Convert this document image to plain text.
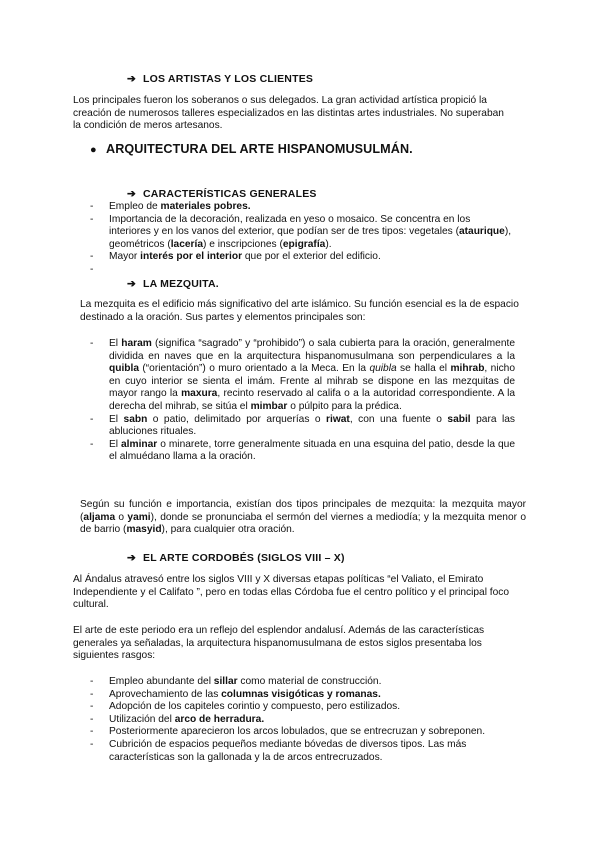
➔ LOS ARTISTAS Y LOS CLIENTES
Los principales fueron los soberanos o sus delegados. La gran actividad artística propició la creación de numerosos talleres especializados en las distintas artes industriales. No superaban la condición de meros artesanos.
● ARQUITECTURA DEL ARTE HISPANOMUSULMÁN.
➔ CARACTERÍSTICAS GENERALES
- Empleo de materiales pobres.
- Importancia de la decoración, realizada en yeso o mosaico. Se concentra en los interiores y en los vanos del exterior, que podían ser de tres tipos: vegetales (ataurique), geométricos (lacería) e inscripciones (epigrafía).
- Mayor interés por el interior que por el exterior del edificio.
-

➔ LA MEZQUITA.
La mezquita es el edificio más significativo del arte islámico. Su función esencial es la de espacio destinado a la oración. Sus partes y elementos principales son:
- El haram (significa “sagrado” y “prohibido”) o sala cubierta para la oración, generalmente dividida en naves que en la arquitectura hispanomusulmana son perpendiculares a la quibla (“orientación”) o muro orientado a la Meca. En la quibla se halla el mihrab, nicho en cuyo interior se sienta el imám. Frente al mihrab se dispone en las mezquitas de mayor rango la maxura, recinto reservado al califa o a la autoridad correspondiente. A la derecha del mihrab, se sitúa el mimbar o púlpito para la prédica.
- El sabn o patio, delimitado por arquerías o riwat, con una fuente o sabil para las abluciones rituales.
- El alminar o minarete, torre generalmente situada en una esquina del patio, desde la que el almuédano llama a la oración.
Según su función e importancia, existían dos tipos principales de mezquita: la mezquita mayor (aljama o yami), donde se pronunciaba el sermón del viernes a mediodía; y la mezquita menor o de barrio (masyid), para cualquier otra oración.
➔ EL ARTE CORDOBÉS (SIGLOS VIII – X)
Al Ándalus atravesó entre los siglos VIII y X diversas etapas políticas “el Valiato, el Emirato Independiente y el Califato ”, pero en todas ellas Córdoba fue el centro político y el principal foco cultural.
El arte de este periodo era un reflejo del esplendor andalusí. Además de las características generales ya señaladas, la arquitectura hispanomusulmana de estos siglos presentaba los siguientes rasgos:
- Empleo abundante del sillar como material de construcción.
- Aprovechamiento de las columnas visigóticas y romanas.
- Adopción de los capiteles corintio y compuesto, pero estilizados.
- Utilización del arco de herradura.
- Posteriormente aparecieron los arcos lobulados, que se entrecruzan y sobreponen.
- Cubrición de espacios pequeños mediante bóvedas de diversos tipos. Las más características son la gallonada y la de arcos entrecruzados.
